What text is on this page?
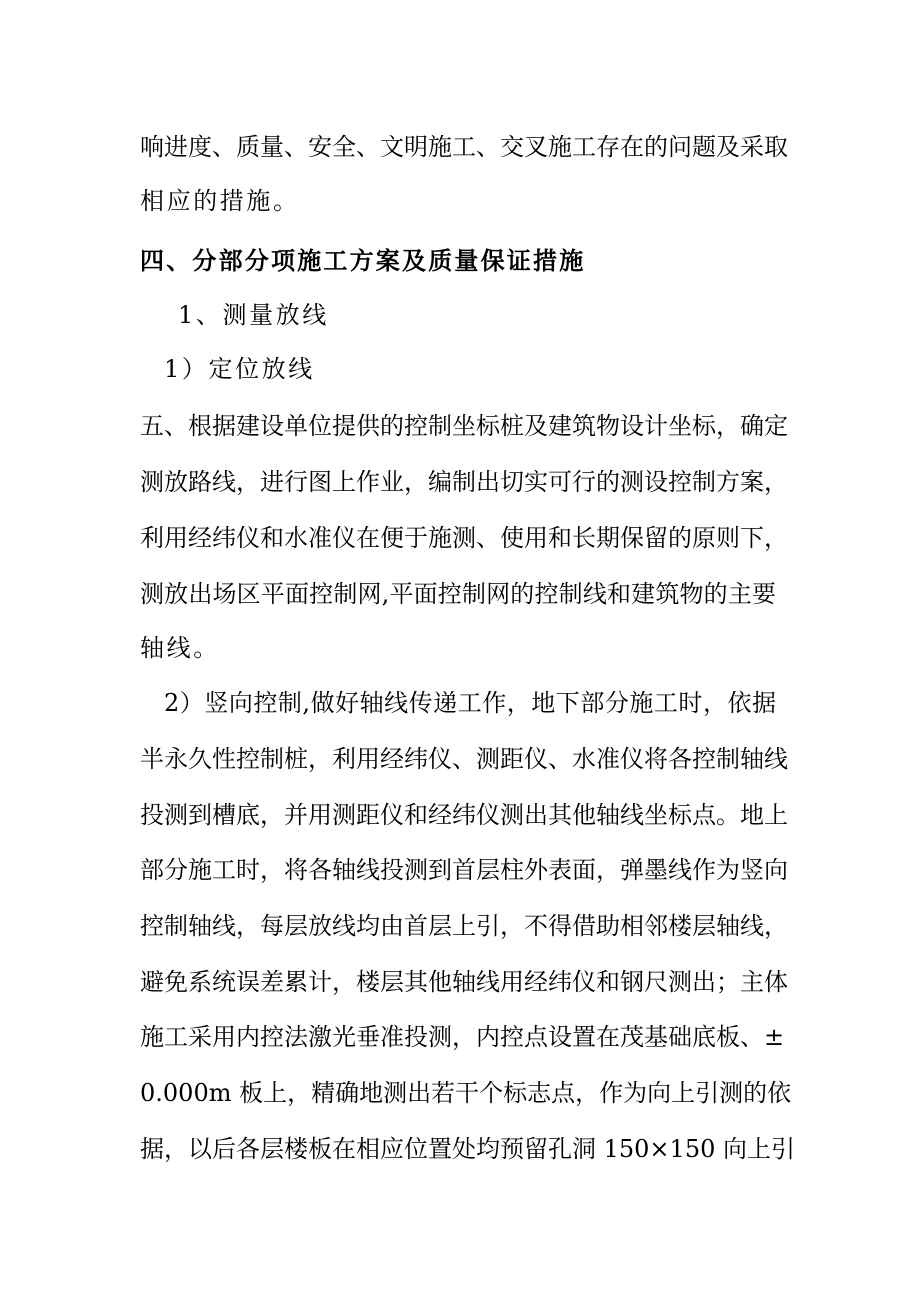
响进度、质量、安全、文明施工、交叉施工存在的问题及采取
相应的措施。
四、分部分项施工方案及质量保证措施
1、测量放线
1）定位放线
五、根据建设单位提供的控制坐标桩及建筑物设计坐标，确定
测放路线，进行图上作业，编制出切实可行的测设控制方案，
利用经纬仪和水准仪在便于施测、使用和长期保留的原则下，
测放出场区平面控制网,平面控制网的控制线和建筑物的主要
轴线。
2）竖向控制,做好轴线传递工作，地下部分施工时，依据
半永久性控制桩，利用经纬仪、测距仪、水准仪将各控制轴线
投测到槽底，并用测距仪和经纬仪测出其他轴线坐标点。地上
部分施工时，将各轴线投测到首层柱外表面，弹墨线作为竖向
控制轴线，每层放线均由首层上引，不得借助相邻楼层轴线，
避免系统误差累计，楼层其他轴线用经纬仪和钢尺测出；主体
施工采用内控法激光垂准投测，内控点设置在茂基础底板、±
0.000m 板上，精确地测出若干个标志点，作为向上引测的依
据，以后各层楼板在相应位置处均预留孔洞 150×150 向上引
